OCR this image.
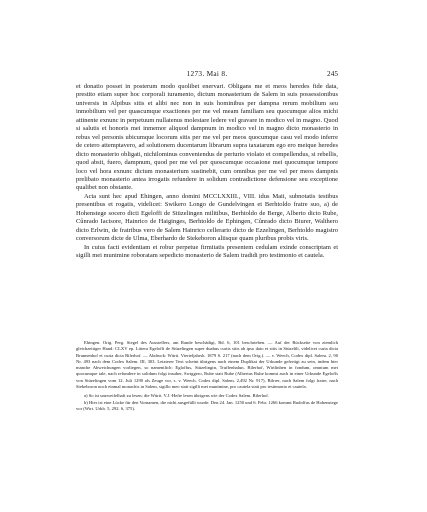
1273. Mai 8.	245

et donatio posset in posterum modo quolibet enervari. Obligans me et meos heredes fide data, prestito etiam super hoc corporali iuramento, dictum monasterium de Salem in suis possessionibus universis in Alpibus sitis et alibi nec non in suis hominibus per dampna rerum mobilium seu inmobilium vel per quascumque exactiones per me vel meam familiam seu quocumque alios michi attinente exnunc in perpetuum nullatenus molestare ledere vel gravare in modico vel in magno. Quod si salutis et honoris mei inmemor aliquod dampnum in modico vel in magno dicto monasterio in rebus vel personis ubicumque locorum sitis per me vel per meos quocumque casu vel modo inferre de cetero attemptavero, ad solutionem ducentarum librarum supra taxatarum ego ero meique heredes dicto monasterio obligati, nichilominus conveniendus de periurio violato et compellendus, si rebellis, quod absit, fuero, dampnum, quod per me vel per quoscumque occasione mei quocumque tempore loco vel hora exnunc dictum monasterium sustinebit, cum omnibus per me vel per meos dampnis prelibato monasterio antea irrogatis refundere in solidum contradictione defensione seu exceptione qualibet non obstante.

Acta sunt hec apud Ehingen, anno domini MCCLXXIII., VIII. idus Maii, subnotatis testibus presentibus et rogatis, videlicet: Swikero Longo de Gundelvingen et Berhtoldo fratre suo, a) de Hohenstege socero dicti Egeloffi de Stüzelingen militibus, Berhtoldo de Berge, Alberto dicto Rube, Cůnrado Iacisore, Hainrico de Haiginges, Berhtoldo de Ephingen, Cůnrado dicto Biurer, Walthero dicto Erlwin, de fratribus vero de Salem Hainrico cellerario dicto de Ezzelingen, Berhtoldo magistro conversorum dicte de Ulma, Eberhardo de Stekeboron aliisque quam pluribus probis viris.

In cuius facti evidentiam et robur perpetue firmitatis presentem cedulam exinde conscriptam et sigilli mei munimine roboratam sepedicto monasterio de Salem tradidi pro testimonio et cautela.

Ehingen. Orig. Perg. Siegel des Ausstellers, am Rande beschädigt, Bd. 6, 101 beschrieben. — Auf der Rückseite von ziemlich gleichzeitiger Hand: CLXV ep. Littera Egeloffi de Stüzelingen super duabus curiis sitis ab ipso dato et sitis in Stüzelili, videlicet curia dicta Brunnenhof et curia dicta Bilerhof. — Abdruck: Württ. Vierteljahrsh. 1879 S. 217 (nach dem Orig.). — v. Weech, Codex dipl. Salem. 2, 90 Nr. 493 nach dem Codex Salem. III, 303. Letzterer Text scheint übrigens nach einem Duplikat der Urkunde gefertigt zu sein, indem hier manche Abweichungen vorliegen, so namentlich: Egloffus, Stüzelingin, Truffenhalun, Bilerhof, Wirtlinhen in fondum, omnium mei quocumque tale, nach refundere in solidum folgt insuber, Swiggero, Rube statt Rube (Albertus Rube kommt auch in einer Urkunde Egeloffs von Stüzelingen vom 12. Juli 1290 als Zeuge vor, s. v. Weech, Codex dipl. Salem. 2,492 Nr. 917), Bilrrer, nach Salem folgt fratre, nach Stekeboron noch einmal monachis in Salem, sigillo meo statt sigilli mei munimine, pro cautela statt pro testimonio et cautela.

a) So ist unzweifelhaft zu lesen; die Württ. V.J.-Hefte lesen übrigens wie der Codex Salem. Bilerhof.

b) Hier ist eine Lücke für den Vornamen, die nicht ausgefüllt wurde. Den 24. Jan. 1250 und 6. Febr. 1266 kommt Rudolfus de Hohenstege vor (Wirt. Urkb. 5, 292. 6, 375).
